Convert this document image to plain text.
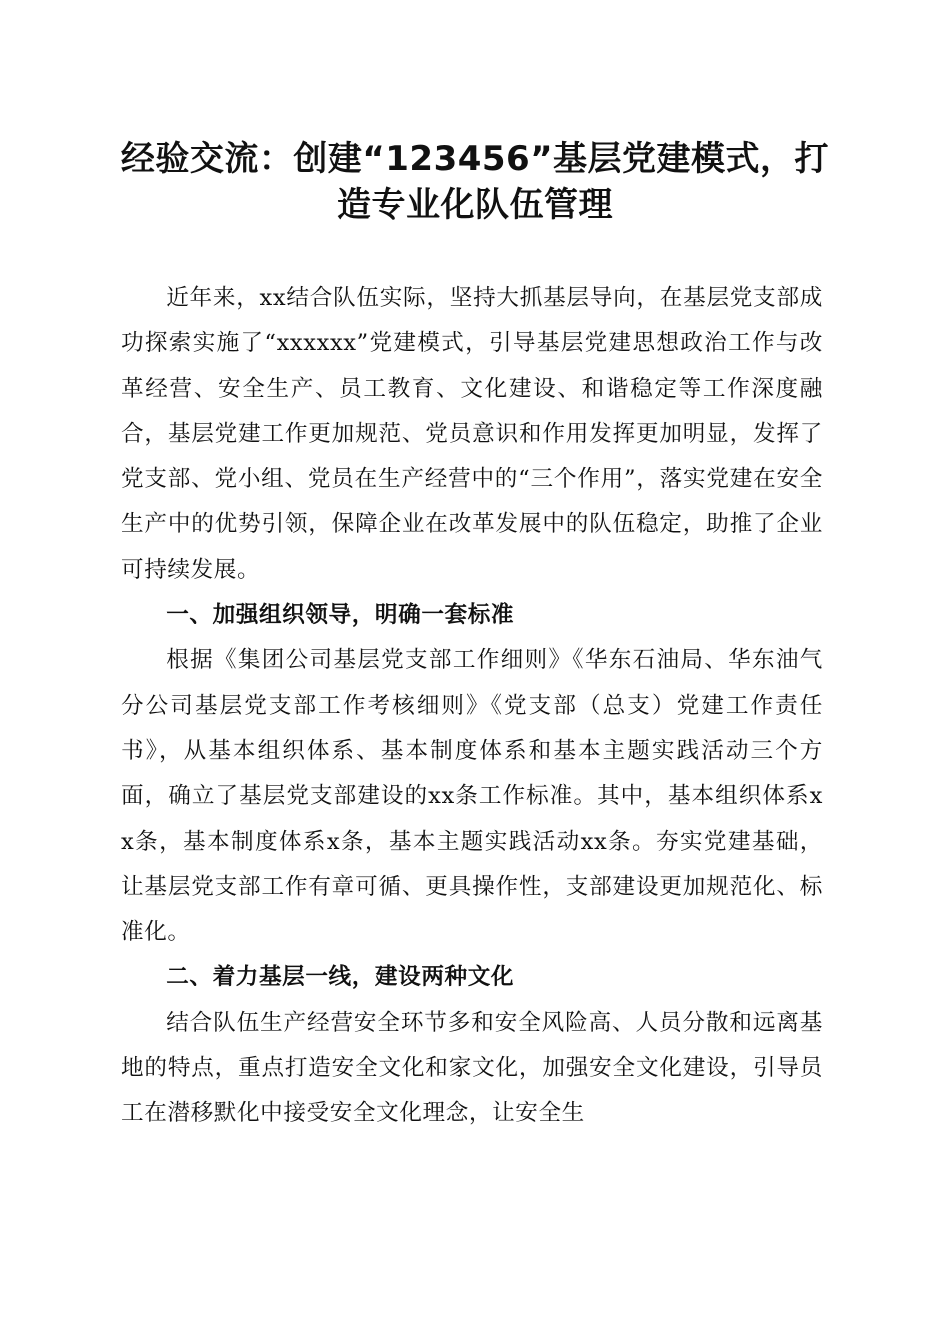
经验交流：创建“123456”基层党建模式，打
造专业化队伍管理

近年来，xx结合队伍实际，坚持大抓基层导向，在基层党支部成功探索实施了“xxxxxx”党建模式，引导基层党建思想政治工作与改革经营、安全生产、员工教育、文化建设、和谐稳定等工作深度融合，基层党建工作更加规范、党员意识和作用发挥更加明显，发挥了党支部、党小组、党员在生产经营中的“三个作用”，落实党建在安全生产中的优势引领，保障企业在改革发展中的队伍稳定，助推了企业可持续发展。

一、加强组织领导，明确一套标准

根据《集团公司基层党支部工作细则》《华东石油局、华东油气分公司基层党支部工作考核细则》《党支部（总支）党建工作责任书》，从基本组织体系、基本制度体系和基本主题实践活动三个方面，确立了基层党支部建设的xx条工作标准。其中，基本组织体系xx条，基本制度体系x条，基本主题实践活动xx条。夯实党建基础，让基层党支部工作有章可循、更具操作性，支部建设更加规范化、标准化。

二、着力基层一线，建设两种文化

结合队伍生产经营安全环节多和安全风险高、人员分散和远离基地的特点，重点打造安全文化和家文化，加强安全文化建设，引导员工在潜移默化中接受安全文化理念，让安全生
